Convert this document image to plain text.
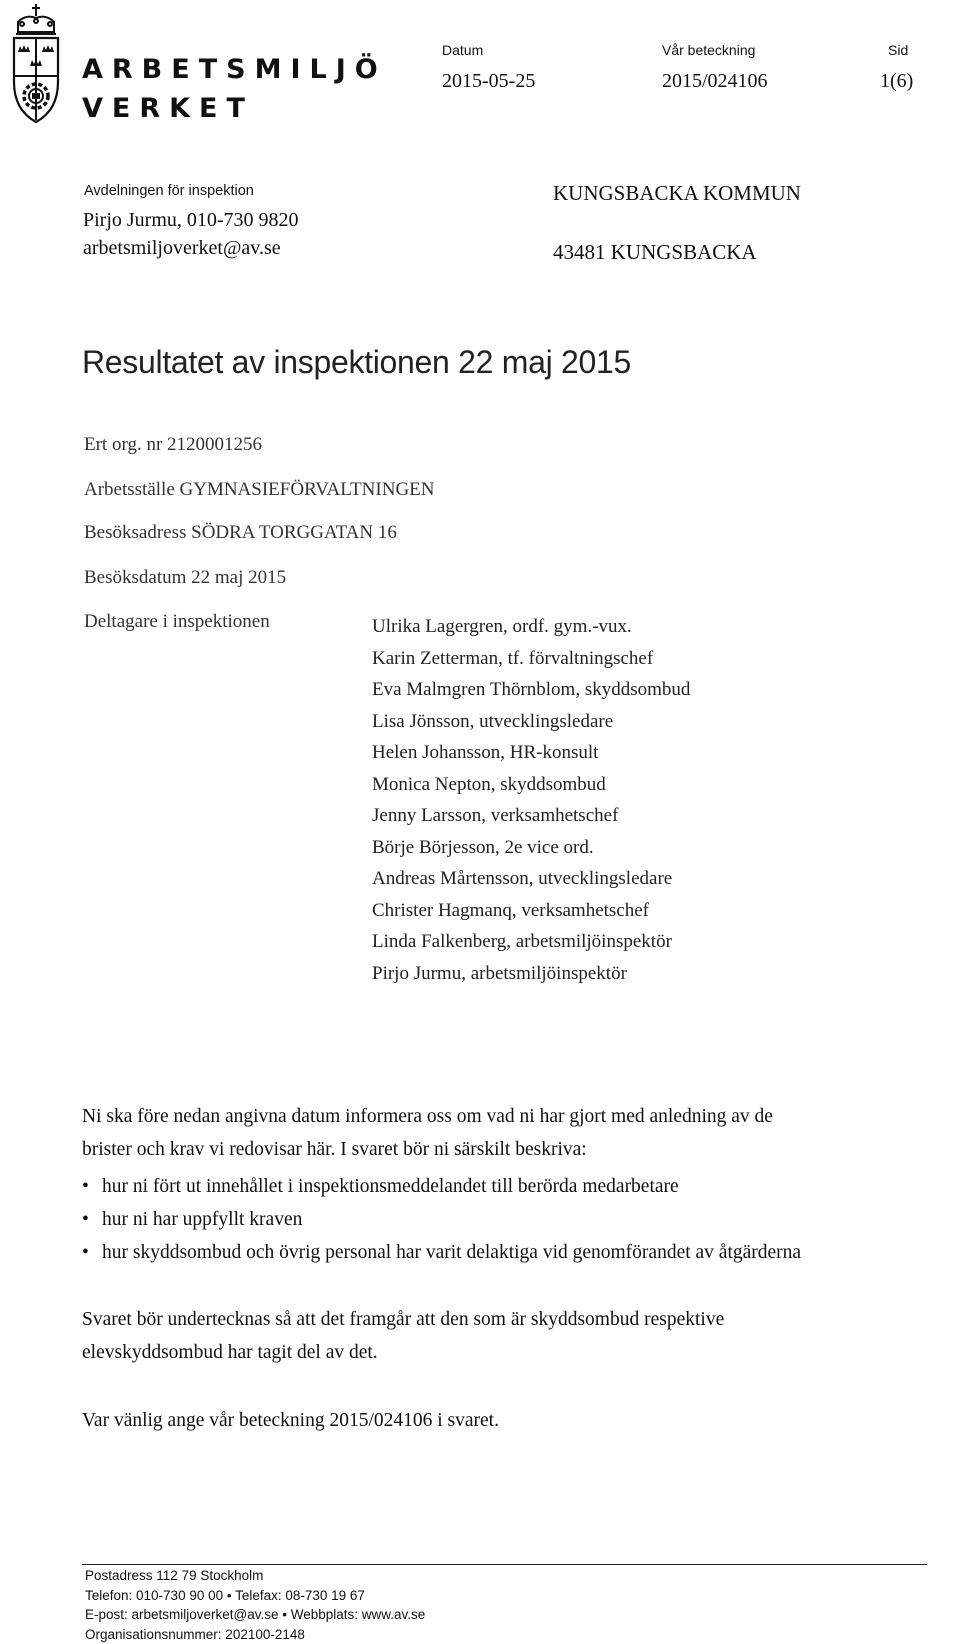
ARBETSMILJÖ
VERKET
Datum
2015-05-25
Vår beteckning
2015/024106
Sid
1(6)
Avdelningen för inspektion
Pirjo Jurmu, 010-730 9820
arbetsmiljoverket@av.se
KUNGSBACKA KOMMUN
43481 KUNGSBACKA
Resultatet av inspektionen 22 maj 2015
Ert org. nr 2120001256
Arbetsställe GYMNASIEFÖRVALTNINGEN
Besöksadress SÖDRA TORGGATAN 16
Besöksdatum 22 maj 2015
Deltagare i inspektionen	Ulrika Lagergren, ordf. gym.-vux.
Karin Zetterman, tf. förvaltningschef
Eva Malmgren Thörnblom, skyddsombud
Lisa Jönsson, utvecklingsledare
Helen Johansson, HR-konsult
Monica Nepton, skyddsombud
Jenny Larsson, verksamhetschef
Börje Börjesson, 2e vice ord.
Andreas Mårtensson, utvecklingsledare
Christer Hagmanq, verksamhetschef
Linda Falkenberg, arbetsmiljöinspektör
Pirjo Jurmu, arbetsmiljöinspektör
Ni ska före nedan angivna datum informera oss om vad ni har gjort med anledning av de
brister och krav vi redovisar här. I svaret bör ni särskilt beskriva:
• hur ni fört ut innehållet i inspektionsmeddelandet till berörda medarbetare
• hur ni har uppfyllt kraven
• hur skyddsombud och övrig personal har varit delaktiga vid genomförandet av åtgärderna
Svaret bör undertecknas så att det framgår att den som är skyddsombud respektive
elevskyddsombud har tagit del av det.
Var vänlig ange vår beteckning 2015/024106 i svaret.
Postadress 112 79 Stockholm
Telefon: 010-730 90 00 • Telefax: 08-730 19 67
E-post: arbetsmiljoverket@av.se • Webbplats: www.av.se
Organisationsnummer: 202100-2148
